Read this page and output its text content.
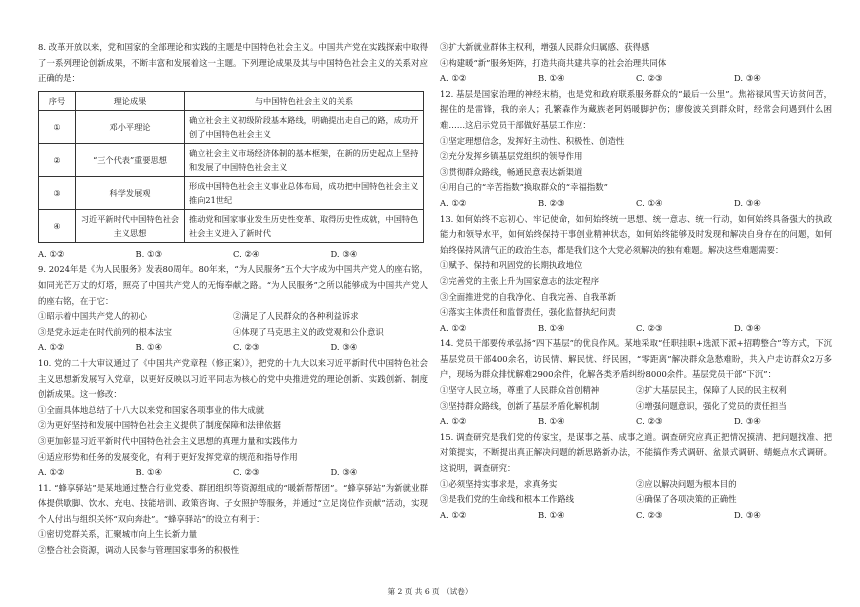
8. 改革开放以来，党和国家的全部理论和实践的主题是中国特色社会主义。中国共产党在实践探索中取得了一系列理论创新成果，不断丰富和发展着这一主题。下列理论成果及其与中国特色社会主义的关系对应正确的是：

序号	理论成果	与中国特色社会主义的关系
①	邓小平理论	确立社会主义初级阶段基本路线，明确提出走自己的路，成功开创了中国特色社会主义
②	“三个代表”重要思想	确立社会主义市场经济体制的基本框架，在新的历史起点上坚持和发展了中国特色社会主义
③	科学发展观	形成中国特色社会主义事业总体布局，成功把中国特色社会主义推向21世纪
④	习近平新时代中国特色社会主义思想	推动党和国家事业发生历史性变革、取得历史性成就，中国特色社会主义进入了新时代
A. ①②	B. ①③	C. ②④	D. ③④

9. 2024年是《为人民服务》发表80周年。80年来，“为人民服务”五个大字成为中国共产党人的座右铭，如同光芒万丈的灯塔，照亮了中国共产党人的无悔奉献之路。“为人民服务”之所以能够成为中国共产党人的座右铭，在于它：

①昭示着中国共产党人的初心	②满足了人民群众的各种利益诉求
③是党永远走在时代前列的根本法宝	④体现了马克思主义的政党观和公仆意识
A. ①②	B. ①④	C. ②③	D. ③④

10. 党的二十大审议通过了《中国共产党章程（修正案）》，把党的十九大以来习近平新时代中国特色社会主义思想新发展写入党章，以更好反映以习近平同志为核心的党中央推进党的理论创新、实践创新、制度创新成果。这一修改：

①全面具体地总结了十八大以来党和国家各项事业的伟大成就

②为更好坚持和发展中国特色社会主义提供了制度保障和法律依据

③更加彰显习近平新时代中国特色社会主义思想的真理力量和实践伟力

④适应形势和任务的发展变化，有利于更好发挥党章的规范和指导作用

A. ①②	B. ①④	C. ②③	D. ③④

11. “蜂享驿站”是某地通过整合行业党委、群团组织等资源组成的“暖新帮帮团”。“蜂享驿站”为新就业群体提供歇脚、饮水、充电、技能培训、政策咨询、子女照护等服务，并通过“立足岗位作贡献”活动，实现个人付出与组织关怀“双向奔赴”。“蜂享驿站”的设立有利于：

①密切党群关系，汇聚城市向上生长新力量

②整合社会资源，调动人民参与管理国家事务的积极性

③扩大新就业群体主权利，增强人民群众归属感、获得感

④构建暖“新”服务矩阵，打造共商共建共享的社会治理共同体

A. ①②	B. ①④	C. ②③	D. ③④

12. 基层是国家治理的神经末梢，也是党和政府联系服务群众的“最后一公里”。焦裕禄风雪天访贫问苦，握住的是雷锋，我的亲人；孔繁森作为藏族老阿妈暖脚护伤；廖俊波关到群众时，经常会问遇到什么困难……这启示党员干部做好基层工作应：

①坚定理想信念，发挥好主动性、积极性、创造性

②充分发挥乡镇基层党组织的领导作用

③贯彻群众路线，畅通民意表达新渠道

④用自己的“辛苦指数”换取群众的“幸福指数”

A. ①②	B. ②③	C. ①④	D. ③④

13. 如何始终不忘初心、牢记使命，如何始终统一思想、统一意志、统一行动，如何始终具备强大的执政能力和领导水平，如何始终保持干事创业精神状态，如何始终能够及时发现和解决自身存在的问题，如何始终保持风清气正的政治生态，都是我们这个大党必须解决的独有难题。解决这些难题需要：

①赋予、保持和巩固党的长期执政地位

②完善党的主张上升为国家意志的法定程序

③全面推进党的自我净化、自我完善、自我革新

④落实主体责任和监督责任，强化监督执纪问责

A. ①②	B. ①④	C. ②③	D. ③④

14. 党员干部要传承弘扬“四下基层”的优良作风。某地采取“任职挂职+选派下派+招聘整合”等方式，下沉基层党员干部400余名，访民情、解民忧、纾民困，“零距离”解决群众急愁难盼，共入户走访群众2万多户，现场为群众排忧解难2900余件，化解各类矛盾纠纷8000余件。基层党员干部“下沉”：

①坚守人民立场，尊重了人民群众首创精神	②扩大基层民主，保障了人民的民主权利
③坚持群众路线，创新了基层矛盾化解机制	④增强问题意识，强化了党员的责任担当
A. ①②	B. ①④	C. ②③	D. ③④

15. 调查研究是我们党的传家宝，是谋事之基、成事之道。调查研究应真正把情况摸清、把问题找准、把对策提实，不断提出真正解决问题的新思路新办法，不能搞作秀式调研、盆景式调研、蜻蜓点水式调研。这说明，调查研究：

①必须坚持实事求是，求真务实	②应以解决问题为根本目的
③是我们党的生命线和根本工作路线	④确保了各项决策的正确性
A. ①②	B. ①④	C. ②③	D. ③④
第 2 页 共 6 页 （试卷）
